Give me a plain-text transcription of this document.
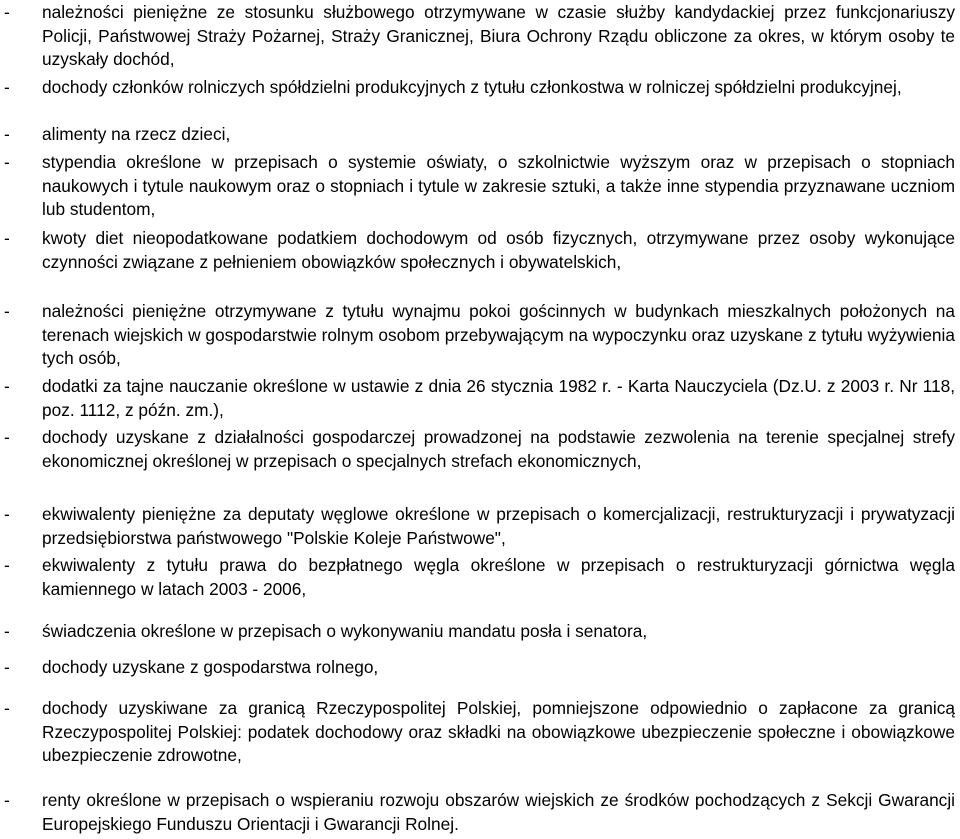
- należności pieniężne ze stosunku służbowego otrzymywane w czasie służby kandydackiej przez funkcjonariuszy Policji, Państwowej Straży Pożarnej, Straży Granicznej, Biura Ochrony Rządu obliczone za okres, w którym osoby te uzyskały dochód,
- dochody członków rolniczych spółdzielni produkcyjnych z tytułu członkostwa w rolniczej spółdzielni produkcyjnej,
- alimenty na rzecz dzieci,
- stypendia określone w przepisach o systemie oświaty, o szkolnictwie wyższym oraz w przepisach o stopniach naukowych i tytule naukowym oraz o stopniach i tytule w zakresie sztuki, a także inne stypendia przyznawane uczniom lub studentom,
- kwoty diet nieopodatkowane podatkiem dochodowym od osób fizycznych, otrzymywane przez osoby wykonujące czynności związane z pełnieniem obowiązków społecznych i obywatelskich,
- należności pieniężne otrzymywane z tytułu wynajmu pokoi gościnnych w budynkach mieszkalnych położonych na terenach wiejskich w gospodarstwie rolnym osobom przebywającym na wypoczynku oraz uzyskane z tytułu wyżywienia tych osób,
- dodatki za tajne nauczanie określone w ustawie z dnia 26 stycznia 1982 r. - Karta Nauczyciela (Dz.U. z 2003 r. Nr 118, poz. 1112, z późn. zm.),
- dochody uzyskane z działalności gospodarczej prowadzonej na podstawie zezwolenia na terenie specjalnej strefy ekonomicznej określonej w przepisach o specjalnych strefach ekonomicznych,
- ekwiwalenty pieniężne za deputaty węglowe określone w przepisach o komercjalizacji, restrukturyzacji i prywatyzacji przedsiębiorstwa państwowego "Polskie Koleje Państwowe",
- ekwiwalenty z tytułu prawa do bezpłatnego węgla określone w przepisach o restrukturyzacji górnictwa węgla kamiennego w latach 2003 - 2006,
- świadczenia określone w przepisach o wykonywaniu mandatu posła i senatora,
- dochody uzyskane z gospodarstwa rolnego,
- dochody uzyskiwane za granicą Rzeczypospolitej Polskiej, pomniejszone odpowiednio o zapłacone za granicą Rzeczypospolitej Polskiej: podatek dochodowy oraz składki na obowiązkowe ubezpieczenie społeczne i obowiązkowe ubezpieczenie zdrowotne,
- renty określone w przepisach o wspieraniu rozwoju obszarów wiejskich ze środków pochodzących z Sekcji Gwarancji Europejskiego Funduszu Orientacji i Gwarancji Rolnej.
